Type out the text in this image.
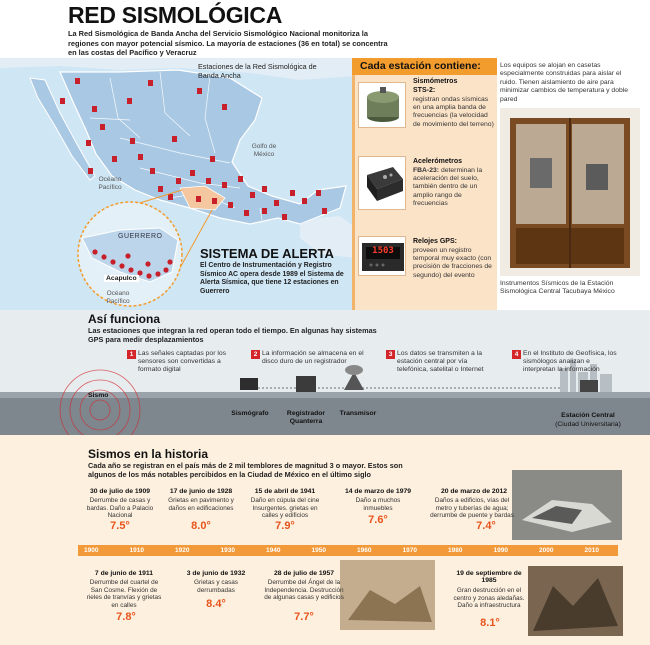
RED SISMOLÓGICA
La Red Sismológica de Banda Ancha del Servicio Sismológico Nacional monitoriza la regiones con mayor potencial sísmico. La mayoría de estaciones (36 en total) se concentra en las costas del Pacífico y Veracruz
Estaciones de la Red Sismológica de Banda Ancha
Golfo de México
Océano Pacífico
Océano Pacífico
GUERRERO
Acapulco
SISTEMA DE ALERTA
El Centro de Instrumentación y Registro Sísmico AC opera desde 1989 el Sistema de Alerta Sísmica, que tiene 12 estaciones en Guerrero
Cada estación contiene:
Sismómetros
STS-2:
registran ondas sísmicas en una amplia banda de frecuencias (la velocidad de movimiento del terreno)
Acelerómetros
FBA-23: determinan la aceleración del suelo, también dentro de un amplio rango de frecuencias
1503
Relojes GPS:
proveen un registro temporal muy exacto (con precisión de fracciones de segundo) del evento
Los equipos se alojan en casetas especialmente construidas para aislar el ruido. Tienen aislamiento de aire para minimizar cambios de temperatura y doble pared
Instrumentos Sísmicos de la Estación Sismológica Central Tacubaya México
Así funciona
Las estaciones que integran la red operan todo el tiempo. En algunas hay sistemas GPS para medir desplazamientos
1 Las señales captadas por los sensores son convertidas a formato digital
2 La información se almacena en el disco duro de un registrador
3 Los datos se transmiten a la estación central por vía telefónica, satelital o Internet
4 En el Instituto de Geofísica, los sismólogos analizan e interpretan la información
Sismo
Sismógrafo	Registrador Quanterra
Transmisor	Estación Central
(Ciudad Universitaria)
Sismos en la historia
Cada año se registran en el país más de 2 mil temblores de magnitud 3 o mayor. Estos son algunos de los más notables percibidos en la Ciudad de México en el último siglo
1900	1910	1920	1930	1940	1950	1960	1970	1980	1990	2000	2010
30 de julio de 1909
Derrumbe de casas y bardas. Daño a Palacio Nacional
7.5°
17 de junio de 1928
Grietas en pavimento y daños en edificaciones
8.0°
15 de abril de 1941
Daño en cúpula del cine Insurgentes. grietas en calles y edificios
7.9°
14 de marzo de 1979
Daño a muchos inmuebles
7.6°
20 de marzo de 2012
Daños a edificios, vías del metro y tuberías de agua; derrumbe de puente y bardas
7.4°
7 de junio de 1911
Derrumbe del cuartel de San Cosme. Flexión de rieles de tranvías y grietas en calles
7.8°
3 de junio de 1932
Grietas y casas derrumbadas
8.4°
28 de julio de 1957
Derrumbe del Ángel de la Independencia. Destrucción de algunas casas y edificios
7.7°
19 de septiembre de 1985
Gran destrucción en el centro y zonas aledañas. Daño a infraestructura
8.1°
